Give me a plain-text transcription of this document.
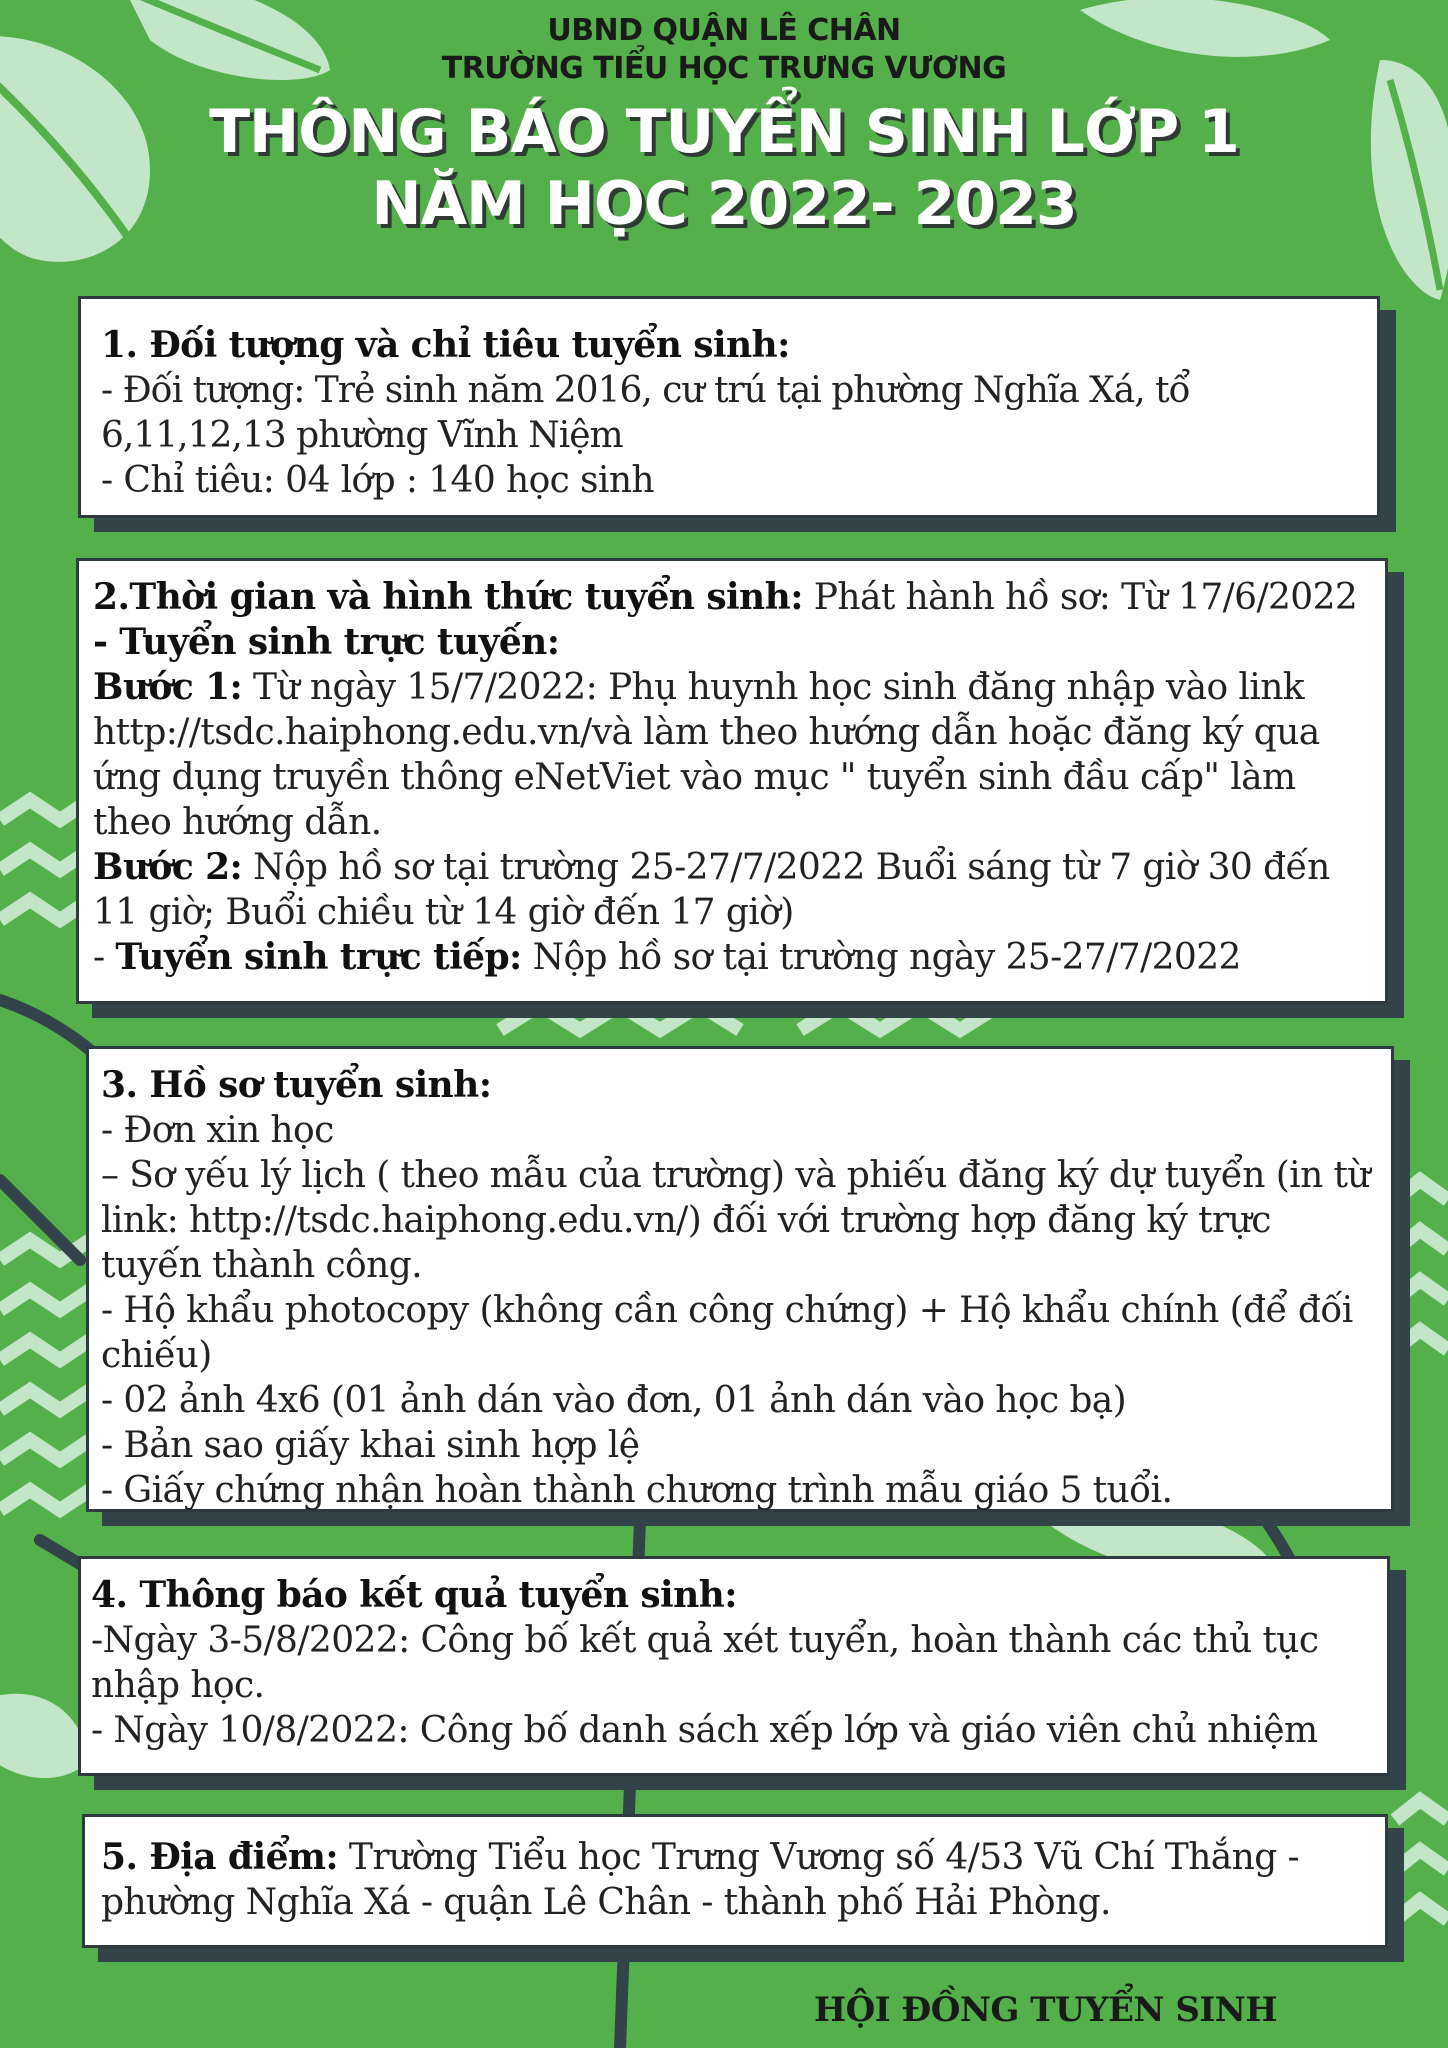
UBND QUẬN LÊ CHÂN
TRƯỜNG TIỂU HỌC TRƯNG VƯƠNG
THÔNG BÁO TUYỂN SINH LỚP 1
NĂM HỌC 2022- 2023

1. Đối tượng và chỉ tiêu tuyển sinh:

- Đối tượng: Trẻ sinh năm 2016, cư trú tại phường Nghĩa Xá, tổ 6,11,12,13 phường Vĩnh Niệm

- Chỉ tiêu: 04 lớp : 140 học sinh

2.Thời gian và hình thức tuyển sinh: Phát hành hồ sơ: Từ 17/6/2022

- Tuyển sinh trực tuyến:

Bước 1: Từ ngày 15/7/2022: Phụ huynh học sinh đăng nhập vào link http://tsdc.haiphong.edu.vn/và làm theo hướng dẫn hoặc đăng ký qua ứng dụng truyền thông eNetViet vào mục " tuyển sinh đầu cấp" làm theo hướng dẫn.

Bước 2: Nộp hồ sơ tại trường 25-27/7/2022 Buổi sáng từ 7 giờ 30 đến 11 giờ; Buổi chiều từ 14 giờ đến 17 giờ)

- Tuyển sinh trực tiếp: Nộp hồ sơ tại trường ngày 25-27/7/2022

3. Hồ sơ tuyển sinh:

- Đơn xin học

– Sơ yếu lý lịch ( theo mẫu của trường) và phiếu đăng ký dự tuyển (in từ link: http://tsdc.haiphong.edu.vn/) đối với trường hợp đăng ký trực tuyến thành công.

- Hộ khẩu photocopy (không cần công chứng) + Hộ khẩu chính (để đối chiếu)

- 02 ảnh 4x6 (01 ảnh dán vào đơn, 01 ảnh dán vào học bạ)

- Bản sao giấy khai sinh hợp lệ

- Giấy chứng nhận hoàn thành chương trình mẫu giáo 5 tuổi.

4. Thông báo kết quả tuyển sinh:

-Ngày 3-5/8/2022: Công bố kết quả xét tuyển, hoàn thành các thủ tục nhập học.

- Ngày 10/8/2022: Công bố danh sách xếp lớp và giáo viên chủ nhiệm

5. Địa điểm: Trường Tiểu học Trưng Vương số 4/53 Vũ Chí Thắng - phường Nghĩa Xá - quận Lê Chân - thành phố Hải Phòng.

HỘI ĐỒNG TUYỂN SINH
